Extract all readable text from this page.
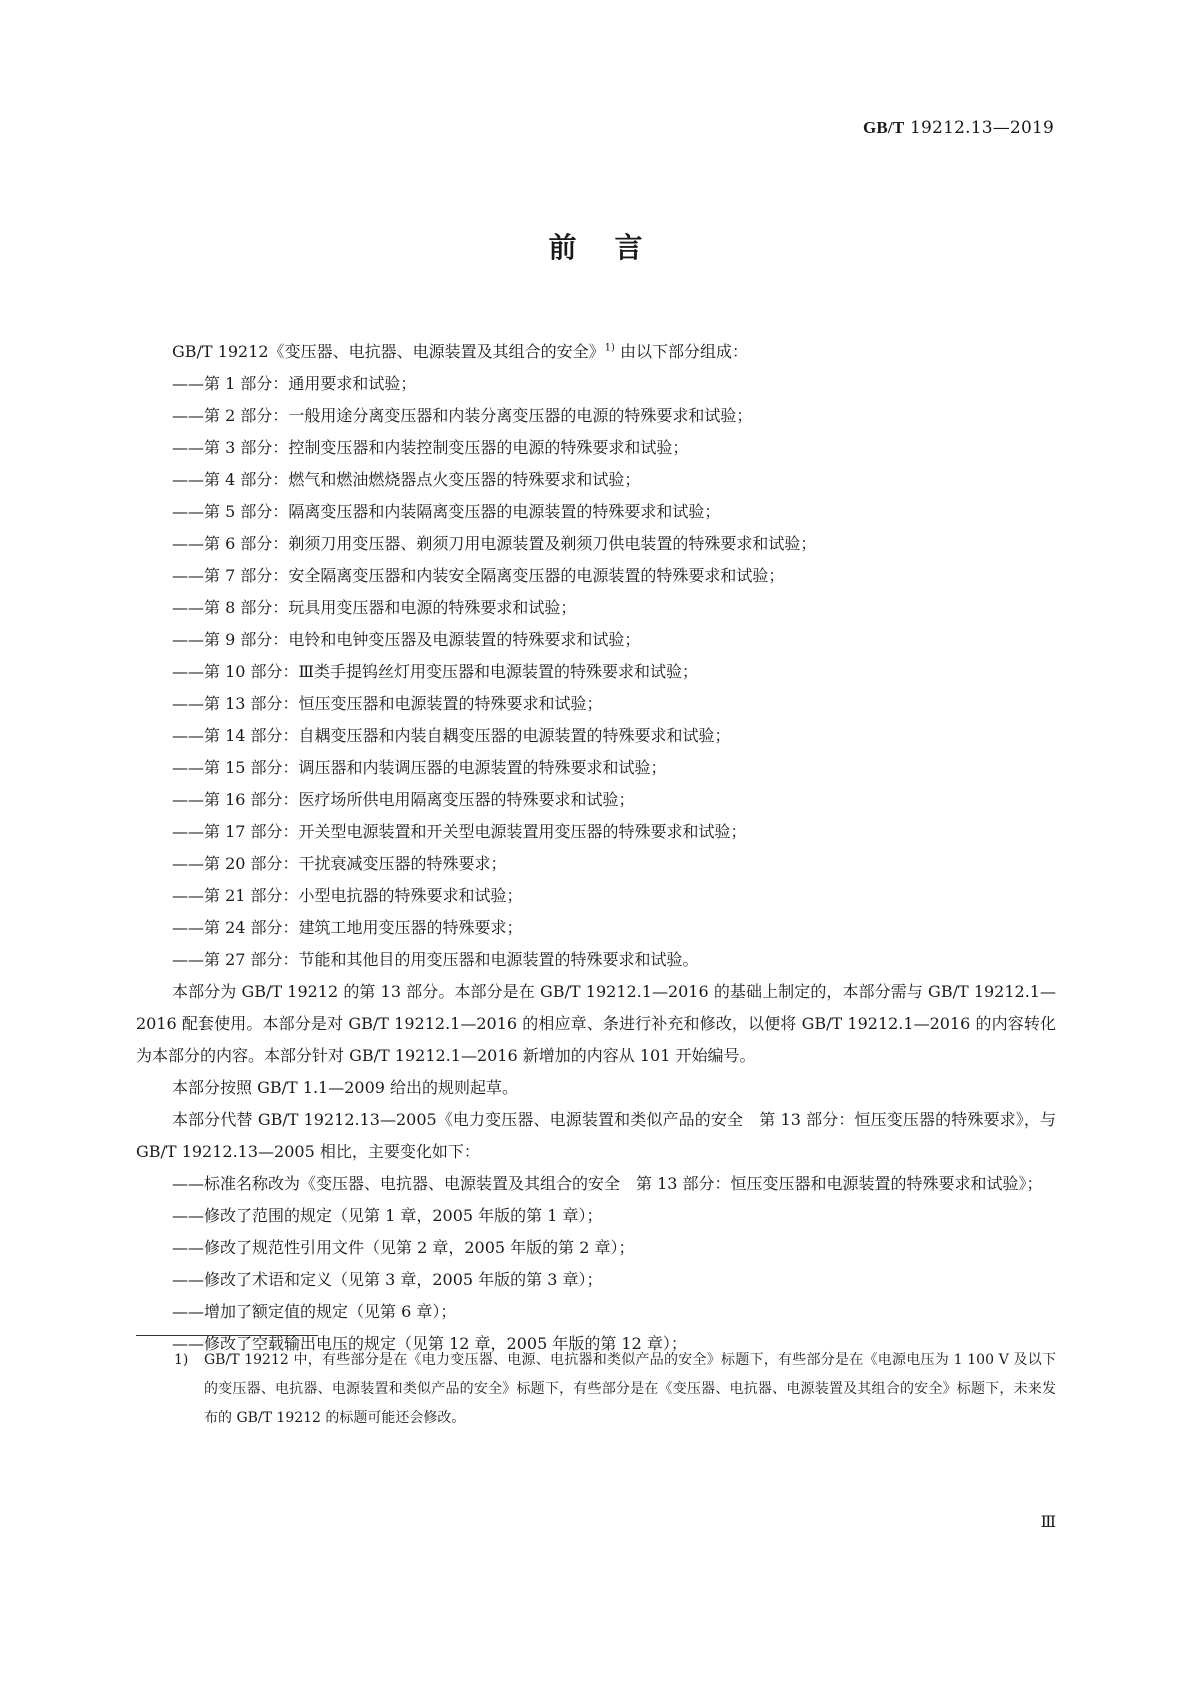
GB/T 19212.13—2019
前言

GB/T 19212《变压器、电抗器、电源装置及其组合的安全》$^{1)}$ 由以下部分组成：

——第 1 部分：通用要求和试验；
——第 2 部分：一般用途分离变压器和内装分离变压器的电源的特殊要求和试验；
——第 3 部分：控制变压器和内装控制变压器的电源的特殊要求和试验；
——第 4 部分：燃气和燃油燃烧器点火变压器的特殊要求和试验；
——第 5 部分：隔离变压器和内装隔离变压器的电源装置的特殊要求和试验；
——第 6 部分：剃须刀用变压器、剃须刀用电源装置及剃须刀供电装置的特殊要求和试验；
——第 7 部分：安全隔离变压器和内装安全隔离变压器的电源装置的特殊要求和试验；
——第 8 部分：玩具用变压器和电源的特殊要求和试验；
——第 9 部分：电铃和电钟变压器及电源装置的特殊要求和试验；
——第 10 部分：Ⅲ类手提钨丝灯用变压器和电源装置的特殊要求和试验；
——第 13 部分：恒压变压器和电源装置的特殊要求和试验；
——第 14 部分：自耦变压器和内装自耦变压器的电源装置的特殊要求和试验；
——第 15 部分：调压器和内装调压器的电源装置的特殊要求和试验；
——第 16 部分：医疗场所供电用隔离变压器的特殊要求和试验；
——第 17 部分：开关型电源装置和开关型电源装置用变压器的特殊要求和试验；
——第 20 部分：干扰衰减变压器的特殊要求；
——第 21 部分：小型电抗器的特殊要求和试验；
——第 24 部分：建筑工地用变压器的特殊要求；
——第 27 部分：节能和其他目的用变压器和电源装置的特殊要求和试验。

本部分为 GB/T 19212 的第 13 部分。本部分是在 GB/T 19212.1—2016 的基础上制定的，本部分需与 GB/T 19212.1—2016 配套使用。本部分是对 GB/T 19212.1—2016 的相应章、条进行补充和修改，以便将 GB/T 19212.1—2016 的内容转化为本部分的内容。本部分针对 GB/T 19212.1—2016 新增加的内容从 101 开始编号。

本部分按照 GB/T 1.1—2009 给出的规则起草。

本部分代替 GB/T 19212.13—2005《电力变压器、电源装置和类似产品的安全　第 13 部分：恒压变压器的特殊要求》，与 GB/T 19212.13—2005 相比，主要变化如下：

——标准名称改为《变压器、电抗器、电源装置及其组合的安全　第 13 部分：恒压变压器和电源装置的特殊要求和试验》；
——修改了范围的规定（见第 1 章，2005 年版的第 1 章）；
——修改了规范性引用文件（见第 2 章，2005 年版的第 2 章）；
——修改了术语和定义（见第 3 章，2005 年版的第 3 章）；
——增加了额定值的规定（见第 6 章）；
——修改了空载输出电压的规定（见第 12 章，2005 年版的第 12 章）；
1)	GB/T 19212 中，有些部分是在《电力变压器、电源、电抗器和类似产品的安全》标题下，有些部分是在《电源电压为 1 100 V 及以下的变压器、电抗器、电源装置和类似产品的安全》标题下，有些部分是在《变压器、电抗器、电源装置及其组合的安全》标题下，未来发布的 GB/T 19212 的标题可能还会修改。
Ⅲ
